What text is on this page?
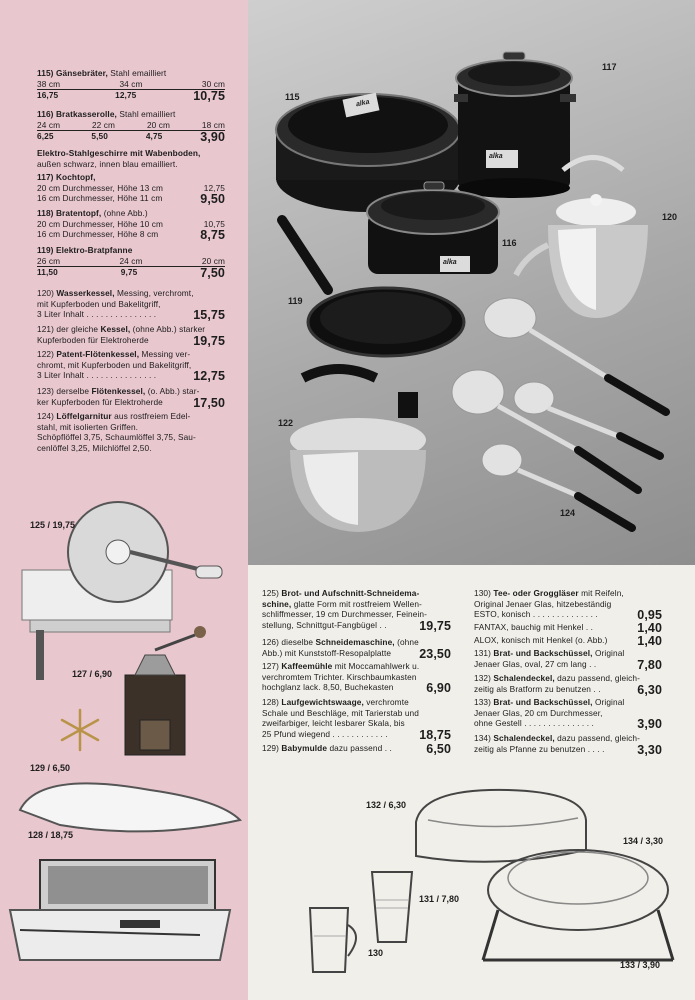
115) Gänsebräter, Stahl emailliert
38 cm	34 cm	30 cm
16,75	12,75	10,75
116) Bratkasserolle, Stahl emailliert
24 cm	22 cm	20 cm	18 cm
6,25	5,50	4,75	3,90
Elektro-Stahlgeschirre mit Wabenboden,
außen schwarz, innen blau emailliert.
117) Kochtopf,
20 cm Durchmesser, Höhe 13 cm	12,75
16 cm Durchmesser, Höhe 11 cm	9,50
118) Bratentopf, (ohne Abb.)
20 cm Durchmesser, Höhe 10 cm	10,75
16 cm Durchmesser, Höhe 8 cm	8,75
119) Elektro-Bratpfanne
26 cm	24 cm	20 cm
11,50	9,75	7,50
120) Wasserkessel, Messing, verchromt,
mit Kupferboden und Bakelitgriff,
3 Liter Inhalt . . . . . . . . . . . . . . .	15,75
121) der gleiche Kessel, (ohne Abb.) starker
Kupferboden für Elektroherde	19,75
122) Patent-Flötenkessel, Messing ver-
chromt, mit Kupferboden und Bakelitgriff,
3 Liter Inhalt . . . . . . . . . . . . . . .	12,75
123) derselbe Flötenkessel, (o. Abb.) star-
ker Kupferboden für Elektroherde 17,50
124) Löffelgarnitur aus rostfreiem Edel-
stahl, mit isolierten Griffen.
Schöpflöffel 3,75, Schaumlöffel 3,75, Sau-
cenlöffel 3,25, Milchlöffel 2,50.
125) Brot- und Aufschnitt-Schneidema-
schine, glatte Form mit rostfreiem Wellen-
schliffmesser, 19 cm Durchmesser, Feinein-
stellung, Schnittgut-Fangbügel . .	19,75
126) dieselbe Schneidemaschine, (ohne
Abb.) mit Kunststoff-Resopalplatte 23,50
127) Kaffeemühle mit Moccamahlwerk u.
verchromtem Trichter. Kirschbaumkasten
hochglanz lack. 8,50, Buchekasten	6,90
128) Laufgewichtswaage, verchromte
Schale und Beschläge, mit Tarierstab und
zweifarbiger, leicht lesbarer Skala, bis
25 Pfund wiegend . . . . . . . . . . . .	18,75
129) Babymulde dazu passend . .	6,50
130) Tee- oder Groggläser mit Reifeln,
Original Jenaer Glas, hitzebeständig
ESTO, konisch . . . . . . . . . . . . . .	0,95
FANTAX, bauchig mit Henkel . .	1,40
ALOX, konisch mit Henkel (o. Abb.) 1,40
131) Brat- und Backschüssel, Original
Jenaer Glas, oval, 27 cm lang . .	7,80
132) Schalendeckel, dazu passend, gleich-
zeitig als Bratform zu benutzen . .	6,30
133) Brat- und Backschüssel, Original
Jenaer Glas, 20 cm Durchmesser,
ohne Gestell . . . . . . . . . . . . . . .	3,90
134) Schalendeckel, dazu passend, gleich-
zeitig als Pfanne zu benutzen . . . .	3,30
alka
alka
alka
115
117
120
116
119
122
124
125 / 19,75
127 / 6,90
129 / 6,50
128 / 18,75
132 / 6,30
134 / 3,30
131 / 7,80
130
133 / 3,90
